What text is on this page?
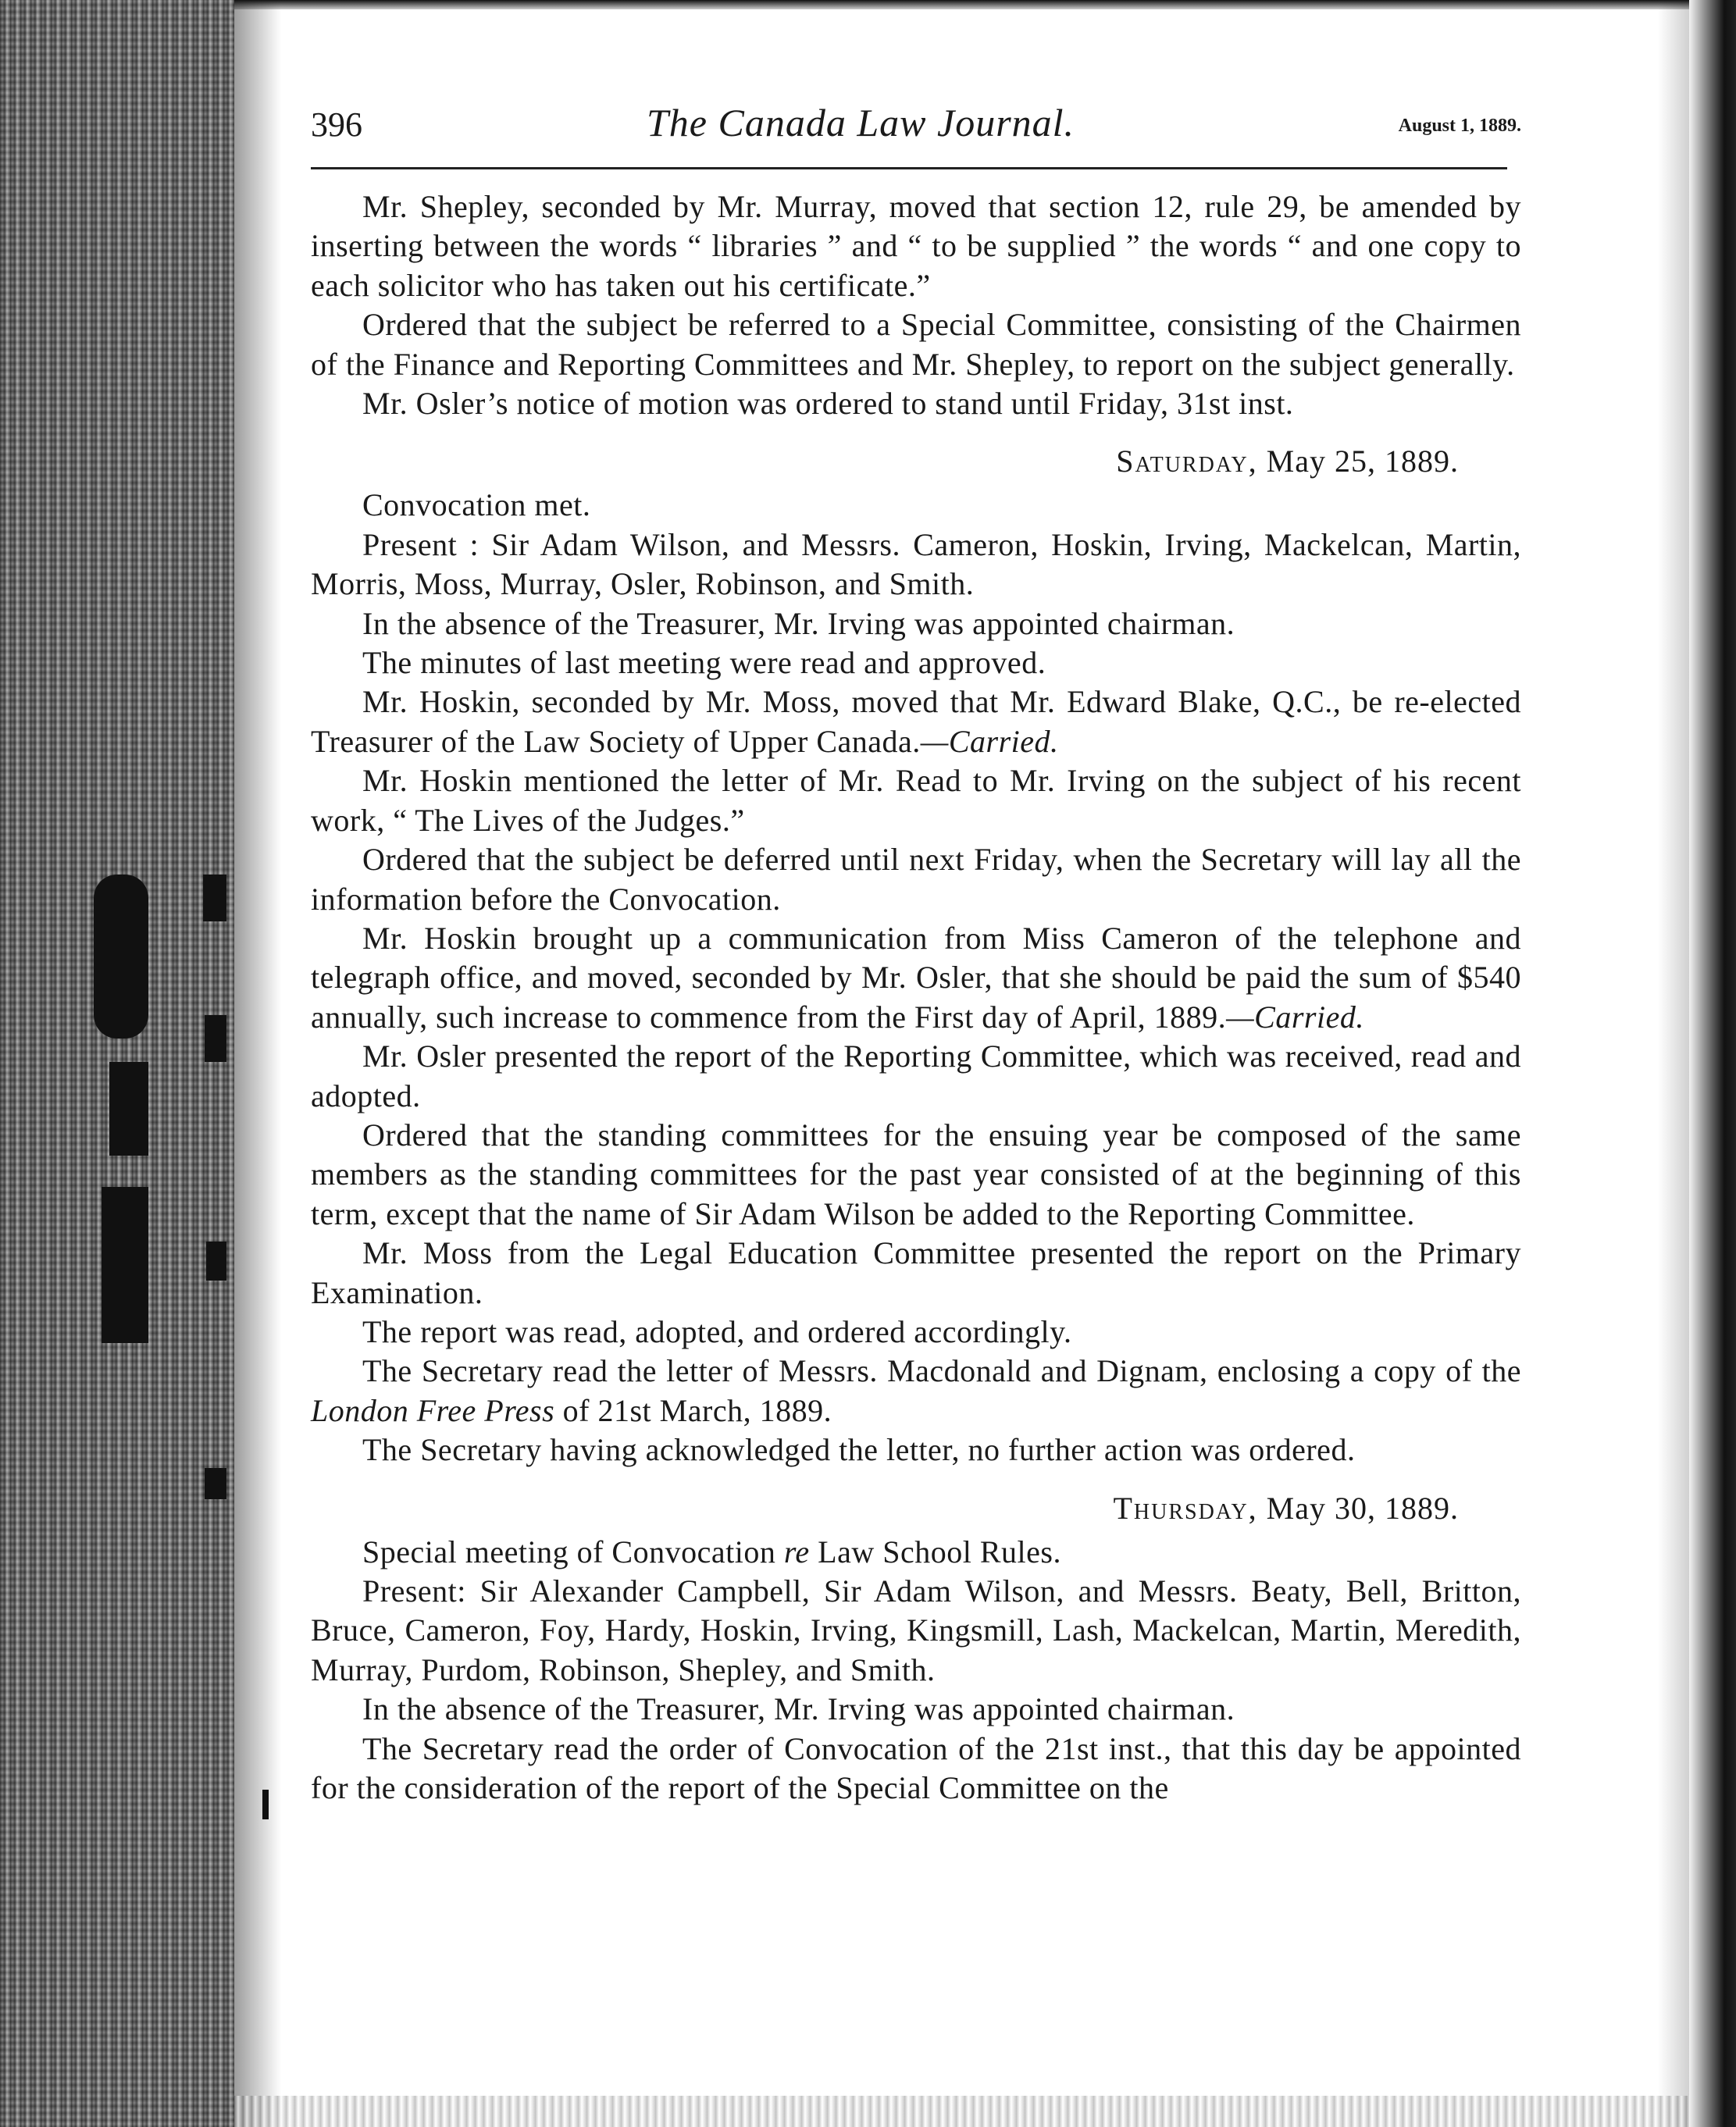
396	The Canada Law Journal.	August 1, 1889.

Mr. Shepley, seconded by Mr. Murray, moved that section 12, rule 29, be amended by inserting between the words “ libraries ” and “ to be supplied ” the words “ and one copy to each solicitor who has taken out his certificate.”

Ordered that the subject be referred to a Special Committee, consisting of the Chairmen of the Finance and Reporting Committees and Mr. Shepley, to report on the subject generally.

Mr. Osler’s notice of motion was ordered to stand until Friday, 31st inst.

Saturday, May 25, 1889.

Convocation met.

Present : Sir Adam Wilson, and Messrs. Cameron, Hoskin, Irving, Mackelcan, Martin, Morris, Moss, Murray, Osler, Robinson, and Smith.

In the absence of the Treasurer, Mr. Irving was appointed chairman.

The minutes of last meeting were read and approved.

Mr. Hoskin, seconded by Mr. Moss, moved that Mr. Edward Blake, Q.C., be re-elected Treasurer of the Law Society of Upper Canada.—Carried.

Mr. Hoskin mentioned the letter of Mr. Read to Mr. Irving on the subject of his recent work, “ The Lives of the Judges.”

Ordered that the subject be deferred until next Friday, when the Secretary will lay all the information before the Convocation.

Mr. Hoskin brought up a communication from Miss Cameron of the telephone and telegraph office, and moved, seconded by Mr. Osler, that she should be paid the sum of $540 annually, such increase to commence from the First day of April, 1889.—Carried.

Mr. Osler presented the report of the Reporting Committee, which was received, read and adopted.

Ordered that the standing committees for the ensuing year be composed of the same members as the standing committees for the past year consisted of at the beginning of this term, except that the name of Sir Adam Wilson be added to the Reporting Committee.

Mr. Moss from the Legal Education Committee presented the report on the Primary Examination.

The report was read, adopted, and ordered accordingly.

The Secretary read the letter of Messrs. Macdonald and Dignam, enclosing a copy of the London Free Press of 21st March, 1889.

The Secretary having acknowledged the letter, no further action was ordered.

Thursday, May 30, 1889.

Special meeting of Convocation re Law School Rules.

Present: Sir Alexander Campbell, Sir Adam Wilson, and Messrs. Beaty, Bell, Britton, Bruce, Cameron, Foy, Hardy, Hoskin, Irving, Kingsmill, Lash, Mackelcan, Martin, Meredith, Murray, Purdom, Robinson, Shepley, and Smith.

In the absence of the Treasurer, Mr. Irving was appointed chairman.

The Secretary read the order of Convocation of the 21st inst., that this day be appointed for the consideration of the report of the Special Committee on the
